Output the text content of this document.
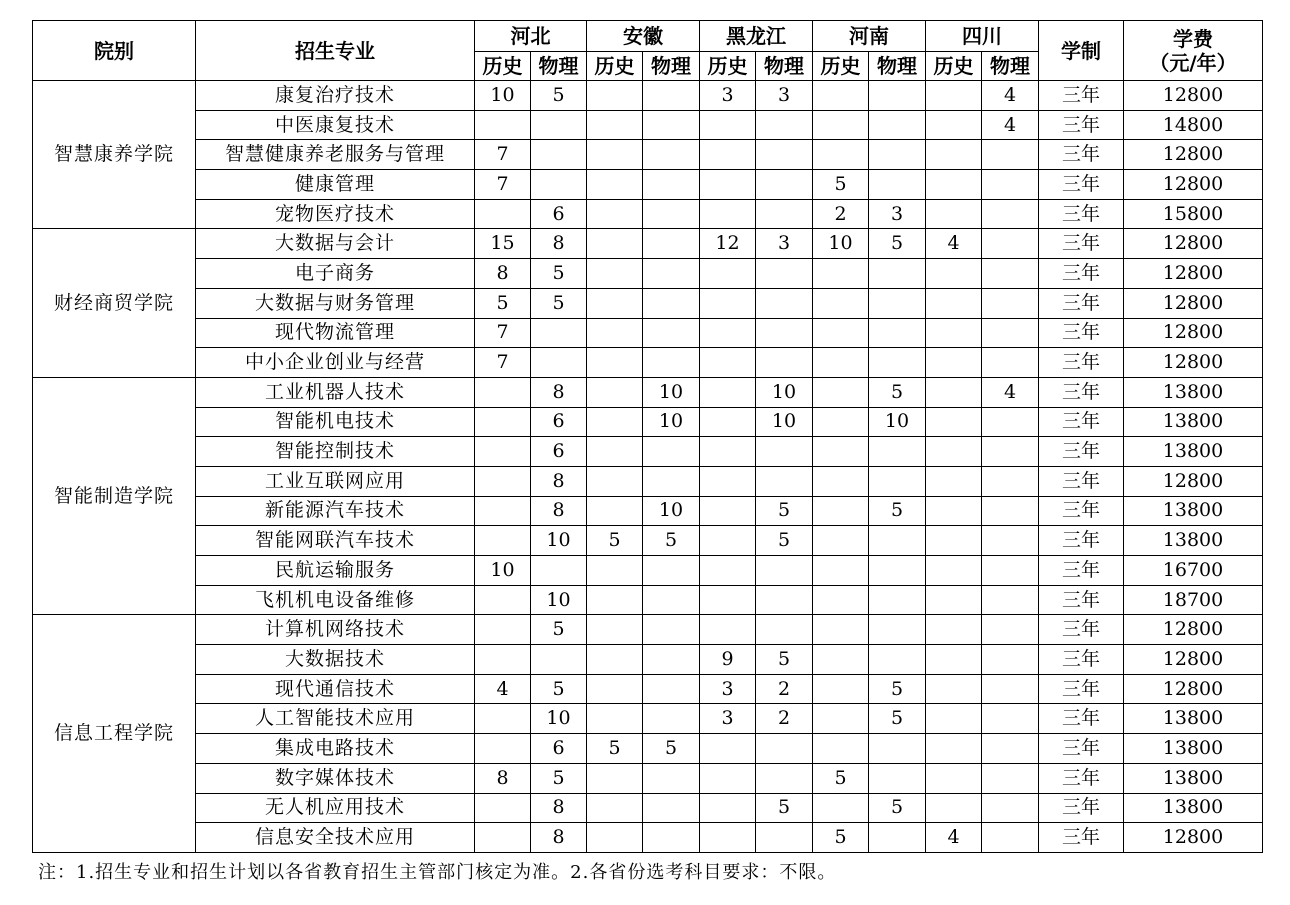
院别	招生专业	河北		安徽		黑龙江		河南		四川		学制	学费
（元/年）

		历史	物理	历史	物理	历史	物理	历史	物理	历史	物理		
智慧康养学院	康复治疗技术	10	5			3	3				4	三年	12800
	中医康复技术										4	三年	14800
	智慧健康养老服务与管理	7										三年	12800
	健康管理	7						5				三年	12800
	宠物医疗技术		6					2	3			三年	15800
财经商贸学院	大数据与会计	15	8			12	3	10	5	4		三年	12800
	电子商务	8	5									三年	12800
	大数据与财务管理	5	5									三年	12800
	现代物流管理	7										三年	12800
	中小企业创业与经营	7										三年	12800
智能制造学院	工业机器人技术		8		10		10		5		4	三年	13800
	智能机电技术		6		10		10		10			三年	13800
	智能控制技术		6									三年	13800
	工业互联网应用		8									三年	12800
	新能源汽车技术		8		10		5		5			三年	13800
	智能网联汽车技术		10	5	5		5					三年	13800
	民航运输服务	10										三年	16700
	飞机机电设备维修		10									三年	18700
信息工程学院	计算机网络技术		5									三年	12800
	大数据技术					9	5					三年	12800
	现代通信技术	4	5			3	2		5			三年	12800
	人工智能技术应用		10			3	2		5			三年	13800
	集成电路技术		6	5	5							三年	13800
	数字媒体技术	8	5					5				三年	13800
	无人机应用技术		8				5		5			三年	13800
	信息安全技术应用		8					5		4		三年	12800
注：1.招生专业和招生计划以各省教育招生主管部门核定为准。2.各省份选考科目要求：不限。
